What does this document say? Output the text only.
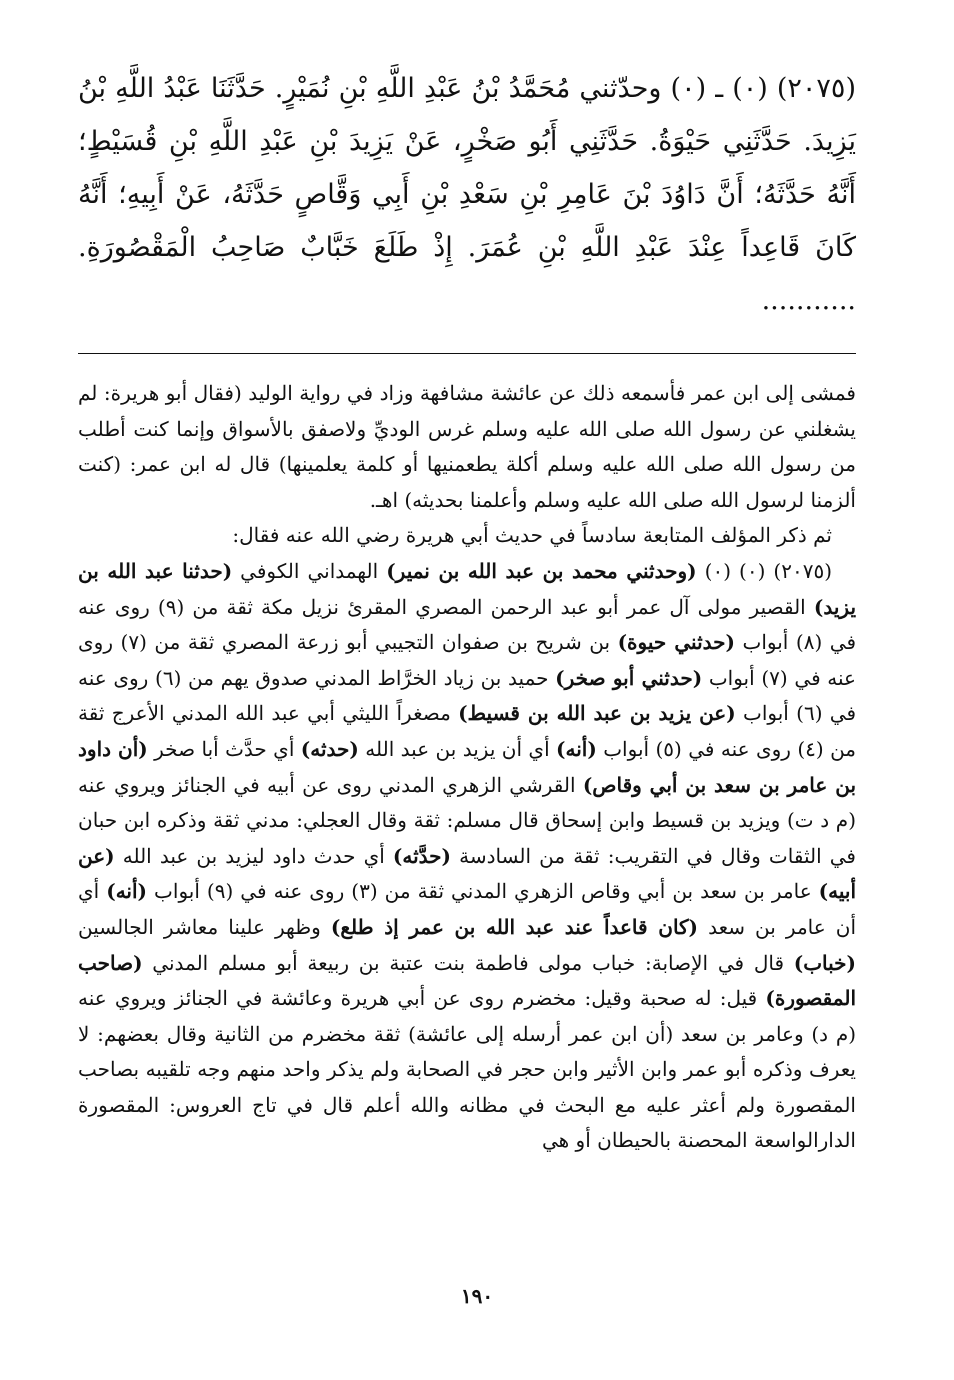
(٢٠٧٥) (٠) ـ (٠) وحدّثني مُحَمَّدُ بْنُ عَبْدِ اللَّهِ بْنِ نُمَيْرٍ. حَدَّثَنَا عَبْدُ اللَّهِ بْنُ يَزِيدَ. حَدَّثَنِي حَيْوَةُ. حَدَّثَنِي أَبُو صَخْرٍ، عَنْ يَزِيدَ بْنِ عَبْدِ اللَّهِ بْنِ قُسَيْطٍ؛ أَنَّهُ حَدَّثَهُ؛ أَنَّ دَاوُدَ بْنَ عَامِرِ بْنِ سَعْدِ بْنِ أَبِي وَقَّاصٍ حَدَّثَهُ، عَنْ أَبِيهِ؛ أَنَّهُ كَانَ قَاعِداً عِنْدَ عَبْدِ اللَّهِ بْنِ عُمَرَ. إِذْ طَلَعَ خَبَّابٌ صَاحِبُ الْمَقْصُورَةِ. ...........

فمشى إلى ابن عمر فأسمعه ذلك عن عائشة مشافهة وزاد في رواية الوليد (فقال أبو هريرة: لم يشغلني عن رسول الله صلى الله عليه وسلم غرس الوديِّ ولاصفق بالأسواق وإنما كنت أطلب من رسول الله صلى الله عليه وسلم أكلة يطعمنيها أو كلمة يعلمينها) قال له ابن عمر: (كنت ألزمنا لرسول الله صلى الله عليه وسلم وأعلمنا بحديثه) اهـ.

ثم ذكر المؤلف المتابعة سادساً في حديث أبي هريرة رضي الله عنه فقال:

(٢٠٧٥) (٠) (٠) (وحدثني محمد بن عبد الله بن نمير) الهمداني الكوفي (حدثنا عبد الله بن يزيد) القصير مولى آل عمر أبو عبد الرحمن المصري المقرئ نزيل مكة ثقة من (٩) روى عنه في (٨) أبواب (حدثني حيوة) بن شريح بن صفوان التجيبي أبو زرعة المصري ثقة من (٧) روى عنه في (٧) أبواب (حدثني أبو صخر) حميد بن زياد الخرَّاط المدني صدوق يهم من (٦) روى عنه في (٦) أبواب (عن يزيد بن عبد الله بن قسيط) مصغراً الليثي أبي عبد الله المدني الأعرج ثقة من (٤) روى عنه في (٥) أبواب (أنه) أي أن يزيد بن عبد الله (حدثه) أي حدَّث أبا صخر (أن داود بن عامر بن سعد بن أبي وقاص) القرشي الزهري المدني روى عن أبيه في الجنائز ويروي عنه (م د ت) ويزيد بن قسيط وابن إسحاق قال مسلم: ثقة وقال العجلي: مدني ثقة وذكره ابن حبان في الثقات وقال في التقريب: ثقة من السادسة (حدَّثه) أي حدث داود ليزيد بن عبد الله (عن أبيه) عامر بن سعد بن أبي وقاص الزهري المدني ثقة من (٣) روى عنه في (٩) أبواب (أنه) أي أن عامر بن سعد (كان قاعداً عند عبد الله بن عمر إذ طلع) وظهر علينا معاشر الجالسين (خباب) قال في الإصابة: خباب مولى فاطمة بنت عتبة بن ربيعة أبو مسلم المدني (صاحب المقصورة) قيل: له صحبة وقيل: مخضرم روى عن أبي هريرة وعائشة في الجنائز ويروي عنه (م د) وعامر بن سعد (أن ابن عمر أرسله إلى عائشة) ثقة مخضرم من الثانية وقال بعضهم: لا يعرف وذكره أبو عمر وابن الأثير وابن حجر في الصحابة ولم يذكر واحد منهم وجه تلقيبه بصاحب المقصورة ولم أعثر عليه مع البحث في مظانه والله أعلم قال في تاج العروس: المقصورة الدارالواسعة المحصنة بالحيطان أو هي

١٩٠
